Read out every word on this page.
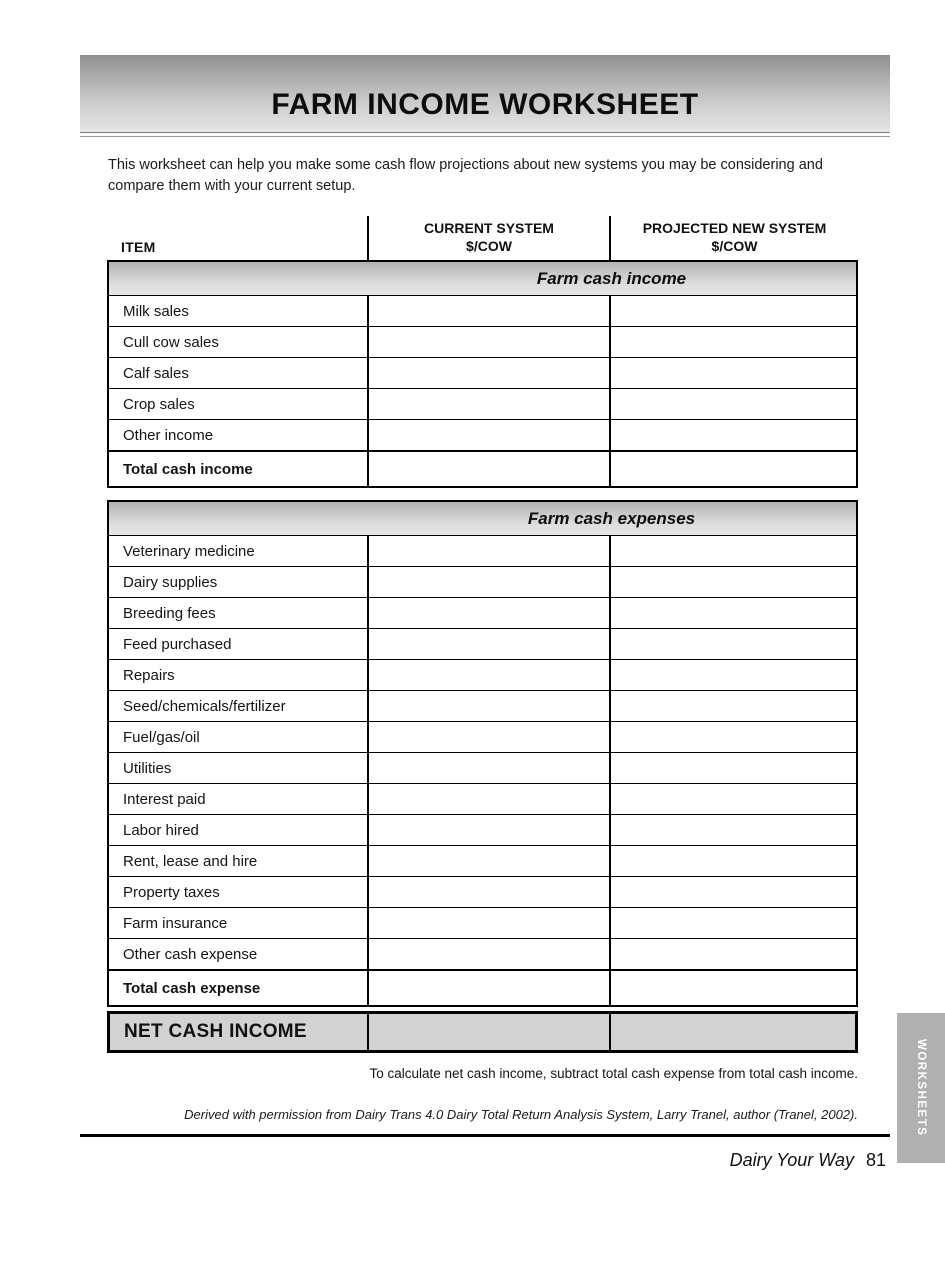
FARM INCOME WORKSHEET

This worksheet can help you make some cash flow projections about new systems you may be considering and compare them with your current setup.

ITEM
CURRENT SYSTEM
$/COW
PROJECTED NEW SYSTEM
$/COW
Farm cash income
Milk sales
Cull cow sales
Calf sales
Crop sales
Other income
Total cash income
Farm cash expenses
Veterinary medicine
Dairy supplies
Breeding fees
Feed purchased
Repairs
Seed/chemicals/fertilizer
Fuel/gas/oil
Utilities
Interest paid
Labor hired
Rent, lease and hire
Property taxes
Farm insurance
Other cash expense
Total cash expense
NET CASH INCOME

To calculate net cash income, subtract total cash expense from total cash income.

Derived with permission from Dairy Trans 4.0 Dairy Total Return Analysis System, Larry Tranel, author (Tranel, 2002).

Dairy Your Way 81
WORKSHEETS
